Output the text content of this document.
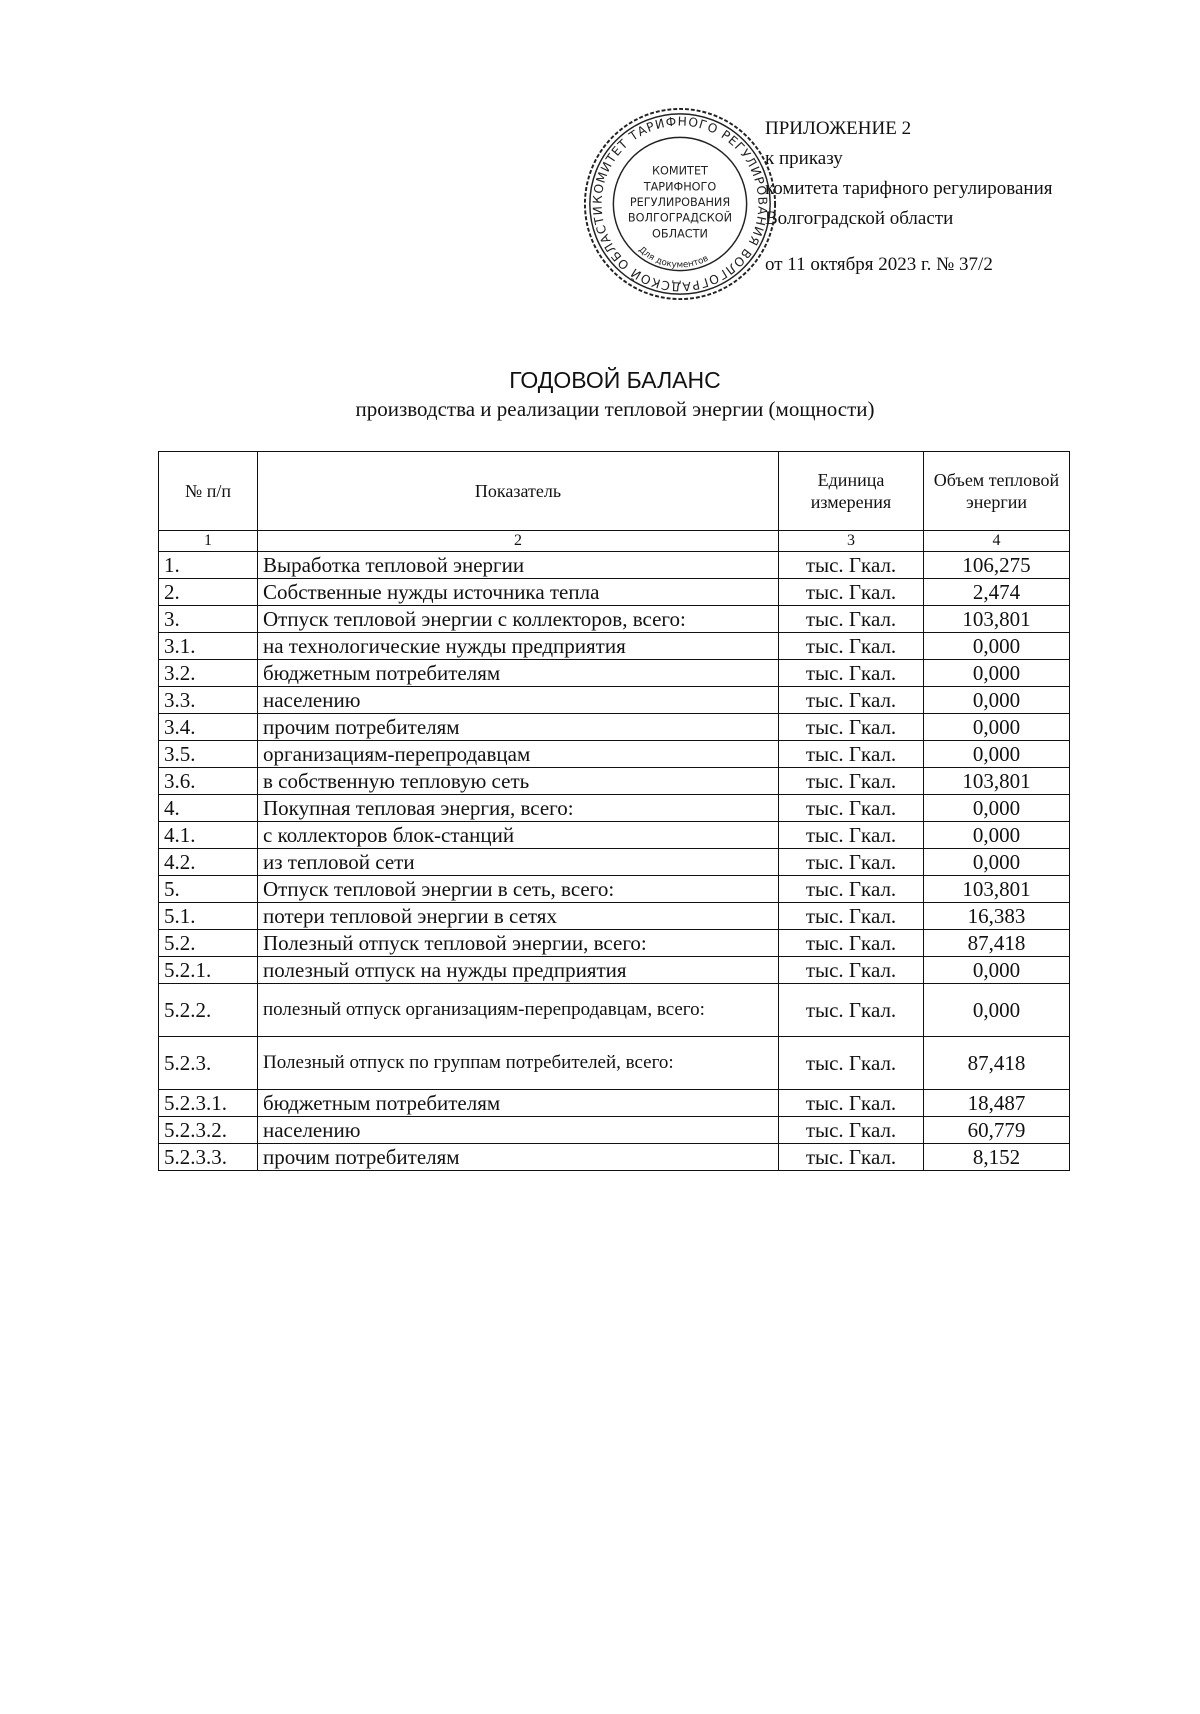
ПРИЛОЖЕНИЕ 2
к приказу
комитета тарифного регулирования
Волгоградской области
от 11 октября 2023 г. № 37/2
КОМИТЕТ ТАРИФНОГО РЕГУЛИРОВАНИЯ ВОЛГОГРАДСКОЙ ОБЛАСТИ
КОМИТЕТ
ТАРИФНОГО
РЕГУЛИРОВАНИЯ
ВОЛГОГРАДСКОЙ
ОБЛАСТИ
Для документов
ГОДОВОЙ БАЛАНС
производства и реализации тепловой энергии (мощности)
№ п/п	Показатель	Единица измерения	Объем тепловой энергии
1	2	3	4
1.	Выработка тепловой энергии	тыс. Гкал.	106,275
2.	Собственные нужды источника тепла	тыс. Гкал.	2,474
3.	Отпуск тепловой энергии с коллекторов, всего:	тыс. Гкал.	103,801
3.1.	на технологические нужды предприятия	тыс. Гкал.	0,000
3.2.	бюджетным потребителям	тыс. Гкал.	0,000
3.3.	населению	тыс. Гкал.	0,000
3.4.	прочим потребителям	тыс. Гкал.	0,000
3.5.	организациям-перепродавцам	тыс. Гкал.	0,000
3.6.	в собственную тепловую сеть	тыс. Гкал.	103,801
4.	Покупная тепловая энергия, всего:	тыс. Гкал.	0,000
4.1.	с коллекторов блок-станций	тыс. Гкал.	0,000
4.2.	из тепловой сети	тыс. Гкал.	0,000
5.	Отпуск тепловой энергии в сеть, всего:	тыс. Гкал.	103,801
5.1.	потери тепловой энергии в сетях	тыс. Гкал.	16,383
5.2.	Полезный отпуск тепловой энергии, всего:	тыс. Гкал.	87,418
5.2.1.	полезный отпуск на нужды предприятия	тыс. Гкал.	0,000
5.2.2.	полезный отпуск организациям-перепродавцам, всего:	тыс. Гкал.	0,000
5.2.3.	Полезный отпуск по группам потребителей, всего:	тыс. Гкал.	87,418
5.2.3.1.	бюджетным потребителям	тыс. Гкал.	18,487
5.2.3.2.	населению	тыс. Гкал.	60,779
5.2.3.3.	прочим потребителям	тыс. Гкал.	8,152
